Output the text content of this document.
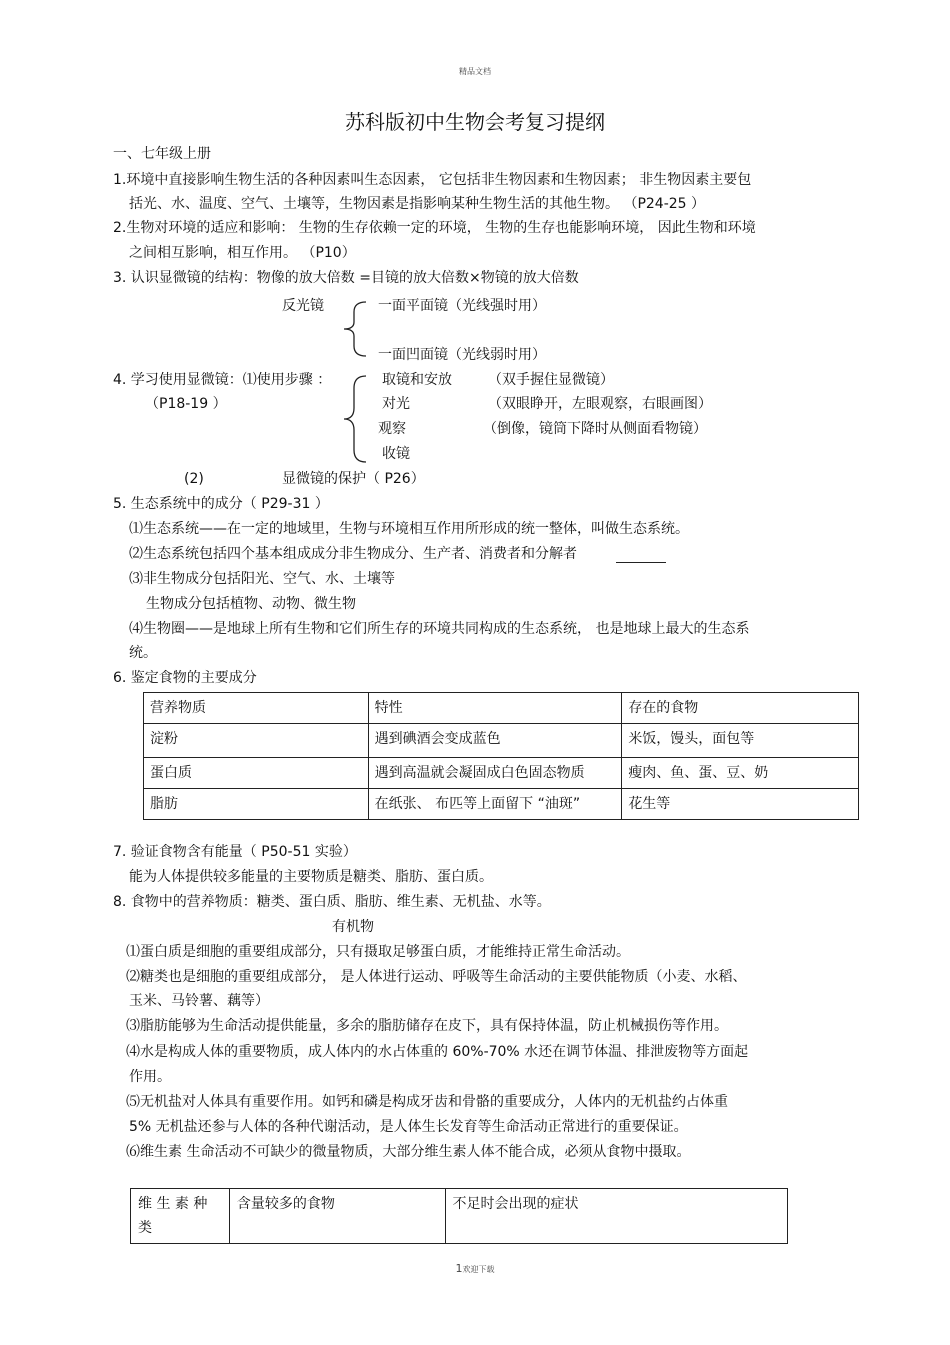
精品文档
苏科版初中生物会考复习提纲
一、七年级上册
1.环境中直接影响生物生活的各种因素叫生态因素， 它包括非生物因素和生物因素； 非生物因素主要包
括光、水、温度、空气、土壤等，生物因素是指影响某种生物生活的其他生物。 （P24-25 ）
2.生物对环境的适应和影响： 生物的生存依赖一定的环境， 生物的生存也能影响环境， 因此生物和环境
之间相互影响，相互作用。 （P10）
3. 认识显微镜的结构：物像的放大倍数 =目镜的放大倍数×物镜的放大倍数
反光镜	一面平面镜（光线强时用）
一面凹面镜（光线弱时用）
4. 学习使用显微镜：⑴使用步骤 ：
（P18-19 ）
取镜和安放	（双手握住显微镜）
对光	（双眼睁开，左眼观察，右眼画图）
观察	（倒像，镜筒下降时从侧面看物镜）
收镜
(2)	显微镜的保护（ P26）
5. 生态系统中的成分（ P29-31 ）
⑴生态系统——在一定的地域里，生物与环境相互作用所形成的统一整体，叫做生态系统。
⑵生态系统包括四个基本组成成分非生物成分、生产者、消费者和分解者
⑶非生物成分包括阳光、空气、水、土壤等
生物成分包括植物、动物、微生物
⑷生物圈——是地球上所有生物和它们所生存的环境共同构成的生态系统， 也是地球上最大的生态系
统。
6. 鉴定食物的主要成分
营养物质	特性	存在的食物
淀粉	遇到碘酒会变成蓝色	米饭，馒头，面包等
蛋白质	遇到高温就会凝固成白色固态物质	瘦肉、鱼、蛋、豆、奶
脂肪	在纸张、 布匹等上面留下 “油斑”	花生等
7. 验证食物含有能量（ P50-51 实验）
能为人体提供较多能量的主要物质是糖类、脂肪、蛋白质。
8. 食物中的营养物质：糖类、蛋白质、脂肪、维生素、无机盐、水等。
有机物
⑴蛋白质是细胞的重要组成部分，只有摄取足够蛋白质，才能维持正常生命活动。
⑵糖类也是细胞的重要组成部分， 是人体进行运动、呼吸等生命活动的主要供能物质（小麦、水稻、
玉米、马铃薯、藕等）
⑶脂肪能够为生命活动提供能量，多余的脂肪储存在皮下，具有保持体温，防止机械损伤等作用。
⑷水是构成人体的重要物质，成人体内的水占体重的 60%-70% 水还在调节体温、排泄废物等方面起
作用。
⑸无机盐对人体具有重要作用。如钙和磷是构成牙齿和骨骼的重要成分，人体内的无机盐约占体重
5% 无机盐还参与人体的各种代谢活动，是人体生长发育等生命活动正常进行的重要保证。
⑹维生素 生命活动不可缺少的微量物质，大部分维生素人体不能合成，必须从食物中摄取。
维 生 素 种 类	含量较多的食物	不足时会出现的症状
1欢迎下载
